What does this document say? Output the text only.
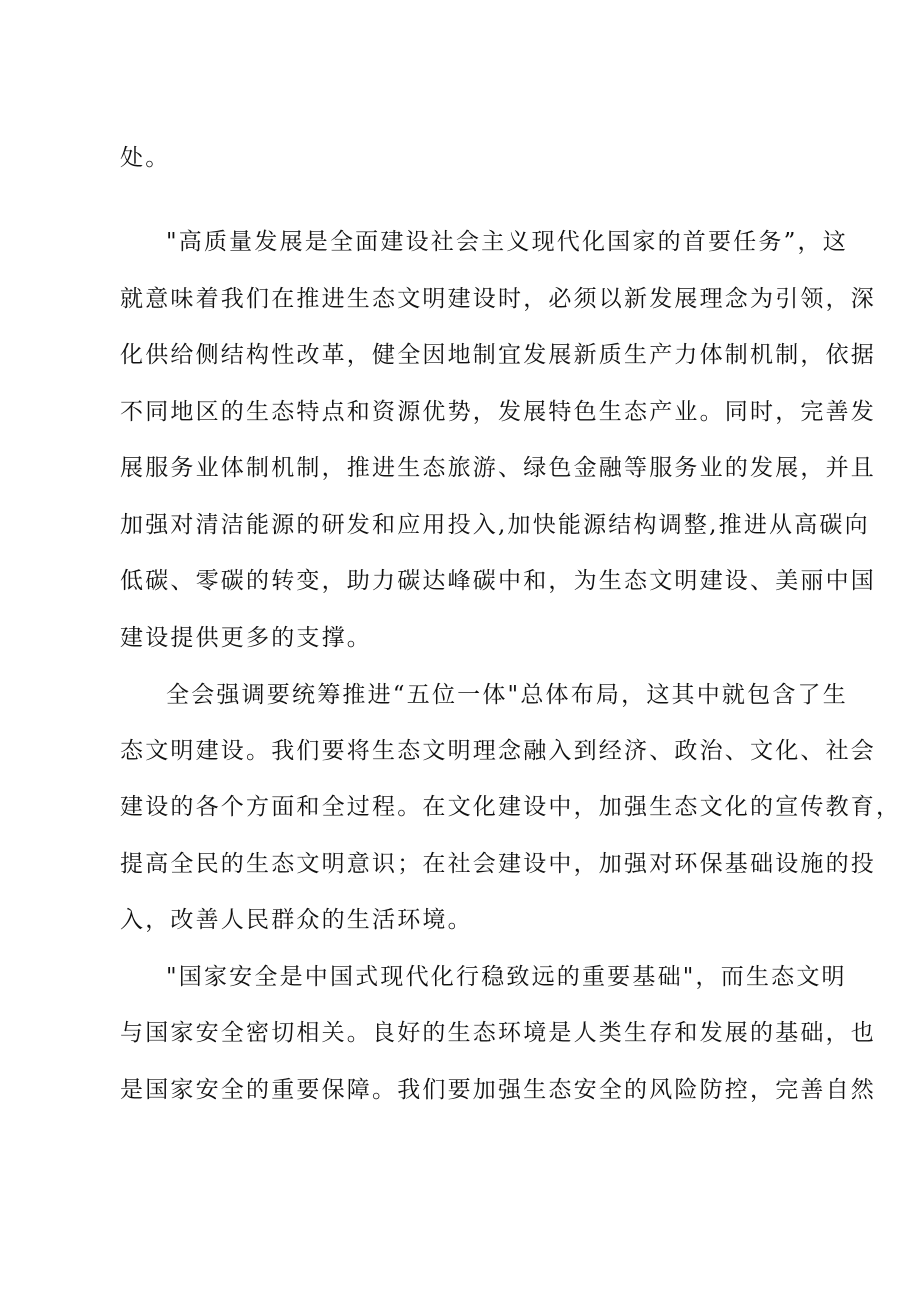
处。
"高质量发展是全面建设社会主义现代化国家的首要任务”，这
就意味着我们在推进生态文明建设时，必须以新发展理念为引领，深
化供给侧结构性改革，健全因地制宜发展新质生产力体制机制，依据
不同地区的生态特点和资源优势，发展特色生态产业。同时，完善发
展服务业体制机制，推进生态旅游、绿色金融等服务业的发展，并且
加强对清洁能源的研发和应用投入,加快能源结构调整,推进从高碳向
低碳、零碳的转变，助力碳达峰碳中和，为生态文明建设、美丽中国
建设提供更多的支撑。
全会强调要统筹推进“五位一体"总体布局，这其中就包含了生
态文明建设。我们要将生态文明理念融入到经济、政治、文化、社会
建设的各个方面和全过程。在文化建设中，加强生态文化的宣传教育，
提高全民的生态文明意识；在社会建设中，加强对环保基础设施的投
入，改善人民群众的生活环境。
"国家安全是中国式现代化行稳致远的重要基础"，而生态文明
与国家安全密切相关。良好的生态环境是人类生存和发展的基础，也
是国家安全的重要保障。我们要加强生态安全的风险防控，完善自然
